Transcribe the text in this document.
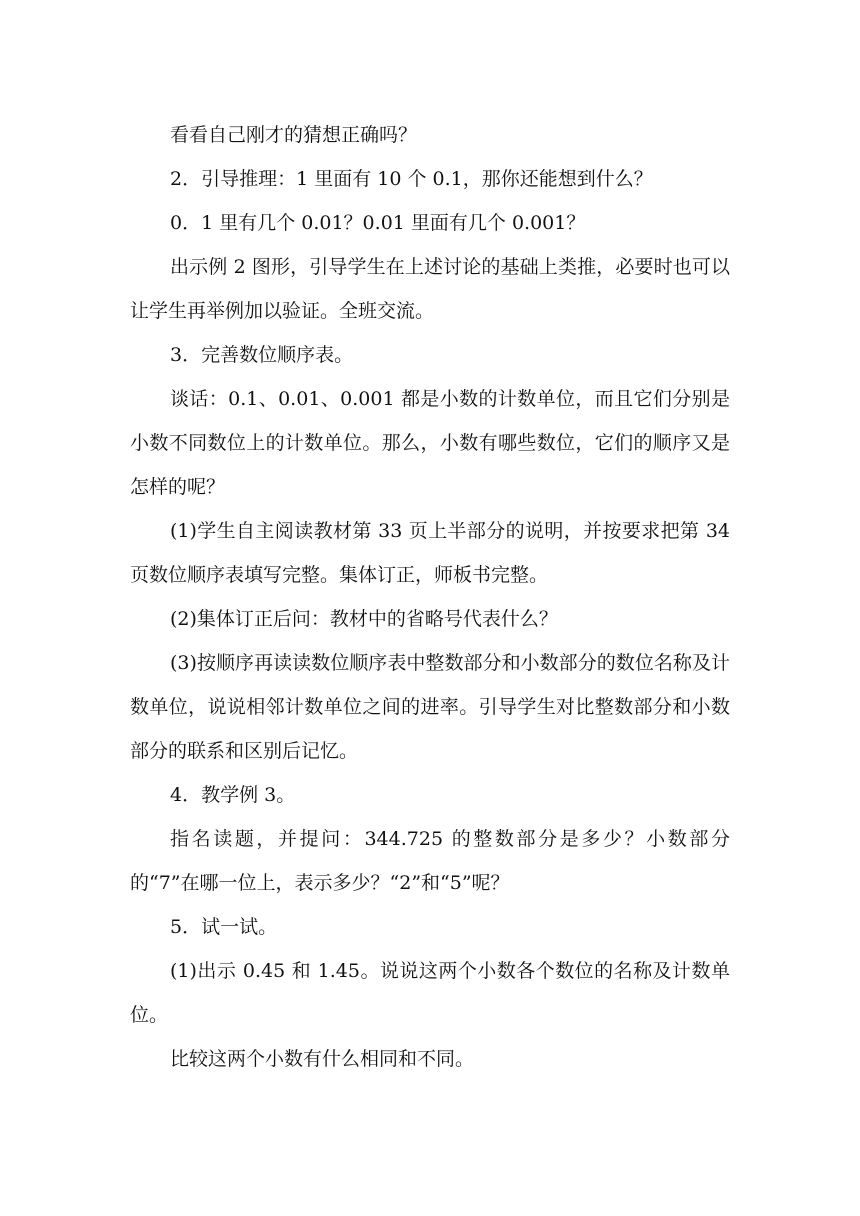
看看自己刚才的猜想正确吗？

2．引导推理：1 里面有 10 个 0.1，那你还能想到什么？

0．1 里有几个 0.01？0.01 里面有几个 0.001？

出示例 2 图形，引导学生在上述讨论的基础上类推，必要时也可以让学生再举例加以验证。全班交流。

3．完善数位顺序表。

谈话：0.1、0.01、0.001 都是小数的计数单位，而且它们分别是小数不同数位上的计数单位。那么，小数有哪些数位，它们的顺序又是怎样的呢？

(1)学生自主阅读教材第 33 页上半部分的说明，并按要求把第 34 页数位顺序表填写完整。集体订正，师板书完整。

(2)集体订正后问：教材中的省略号代表什么？

(3)按顺序再读读数位顺序表中整数部分和小数部分的数位名称及计数单位，说说相邻计数单位之间的进率。引导学生对比整数部分和小数部分的联系和区别后记忆。

4．教学例 3。

指名读题，并提问：344.725 的整数部分是多少？小数部分的“7”在哪一位上，表示多少？“2”和“5”呢？

5．试一试。

(1)出示 0.45 和 1.45。说说这两个小数各个数位的名称及计数单位。

比较这两个小数有什么相同和不同。
